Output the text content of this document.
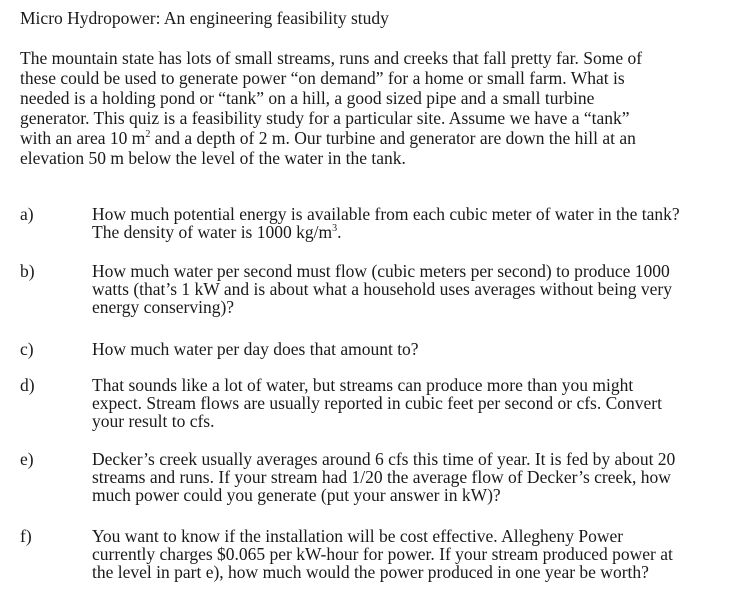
Micro Hydropower: An engineering feasibility study
The mountain state has lots of small streams, runs and creeks that fall pretty far. Some of
these could be used to generate power “on demand” for a home or small farm. What is
needed is a holding pond or “tank” on a hill, a good sized pipe and a small turbine
generator. This quiz is a feasibility study for a particular site. Assume we have a “tank”
with an area 10 $m^2$ and a depth of 2 m. Our turbine and generator are down the hill at an
elevation 50 m below the level of the water in the tank.
a)	How much potential energy is available from each cubic meter of water in the tank?
The density of water is 1000 $kg/m^3$.
b)	How much water per second must flow (cubic meters per second) to produce 1000
watts (that’s 1 kW and is about what a household uses averages without being very
energy conserving)?
c)	How much water per day does that amount to?
d)	That sounds like a lot of water, but streams can produce more than you might
expect. Stream flows are usually reported in cubic feet per second or cfs. Convert
your result to cfs.
e)	Decker’s creek usually averages around 6 cfs this time of year. It is fed by about 20
streams and runs. If your stream had 1/20 the average flow of Decker’s creek, how
much power could you generate (put your answer in kW)?
f)	You want to know if the installation will be cost effective. Allegheny Power
currently charges $0.065 per kW-hour for power. If your stream produced power at
the level in part e), how much would the power produced in one year be worth?
